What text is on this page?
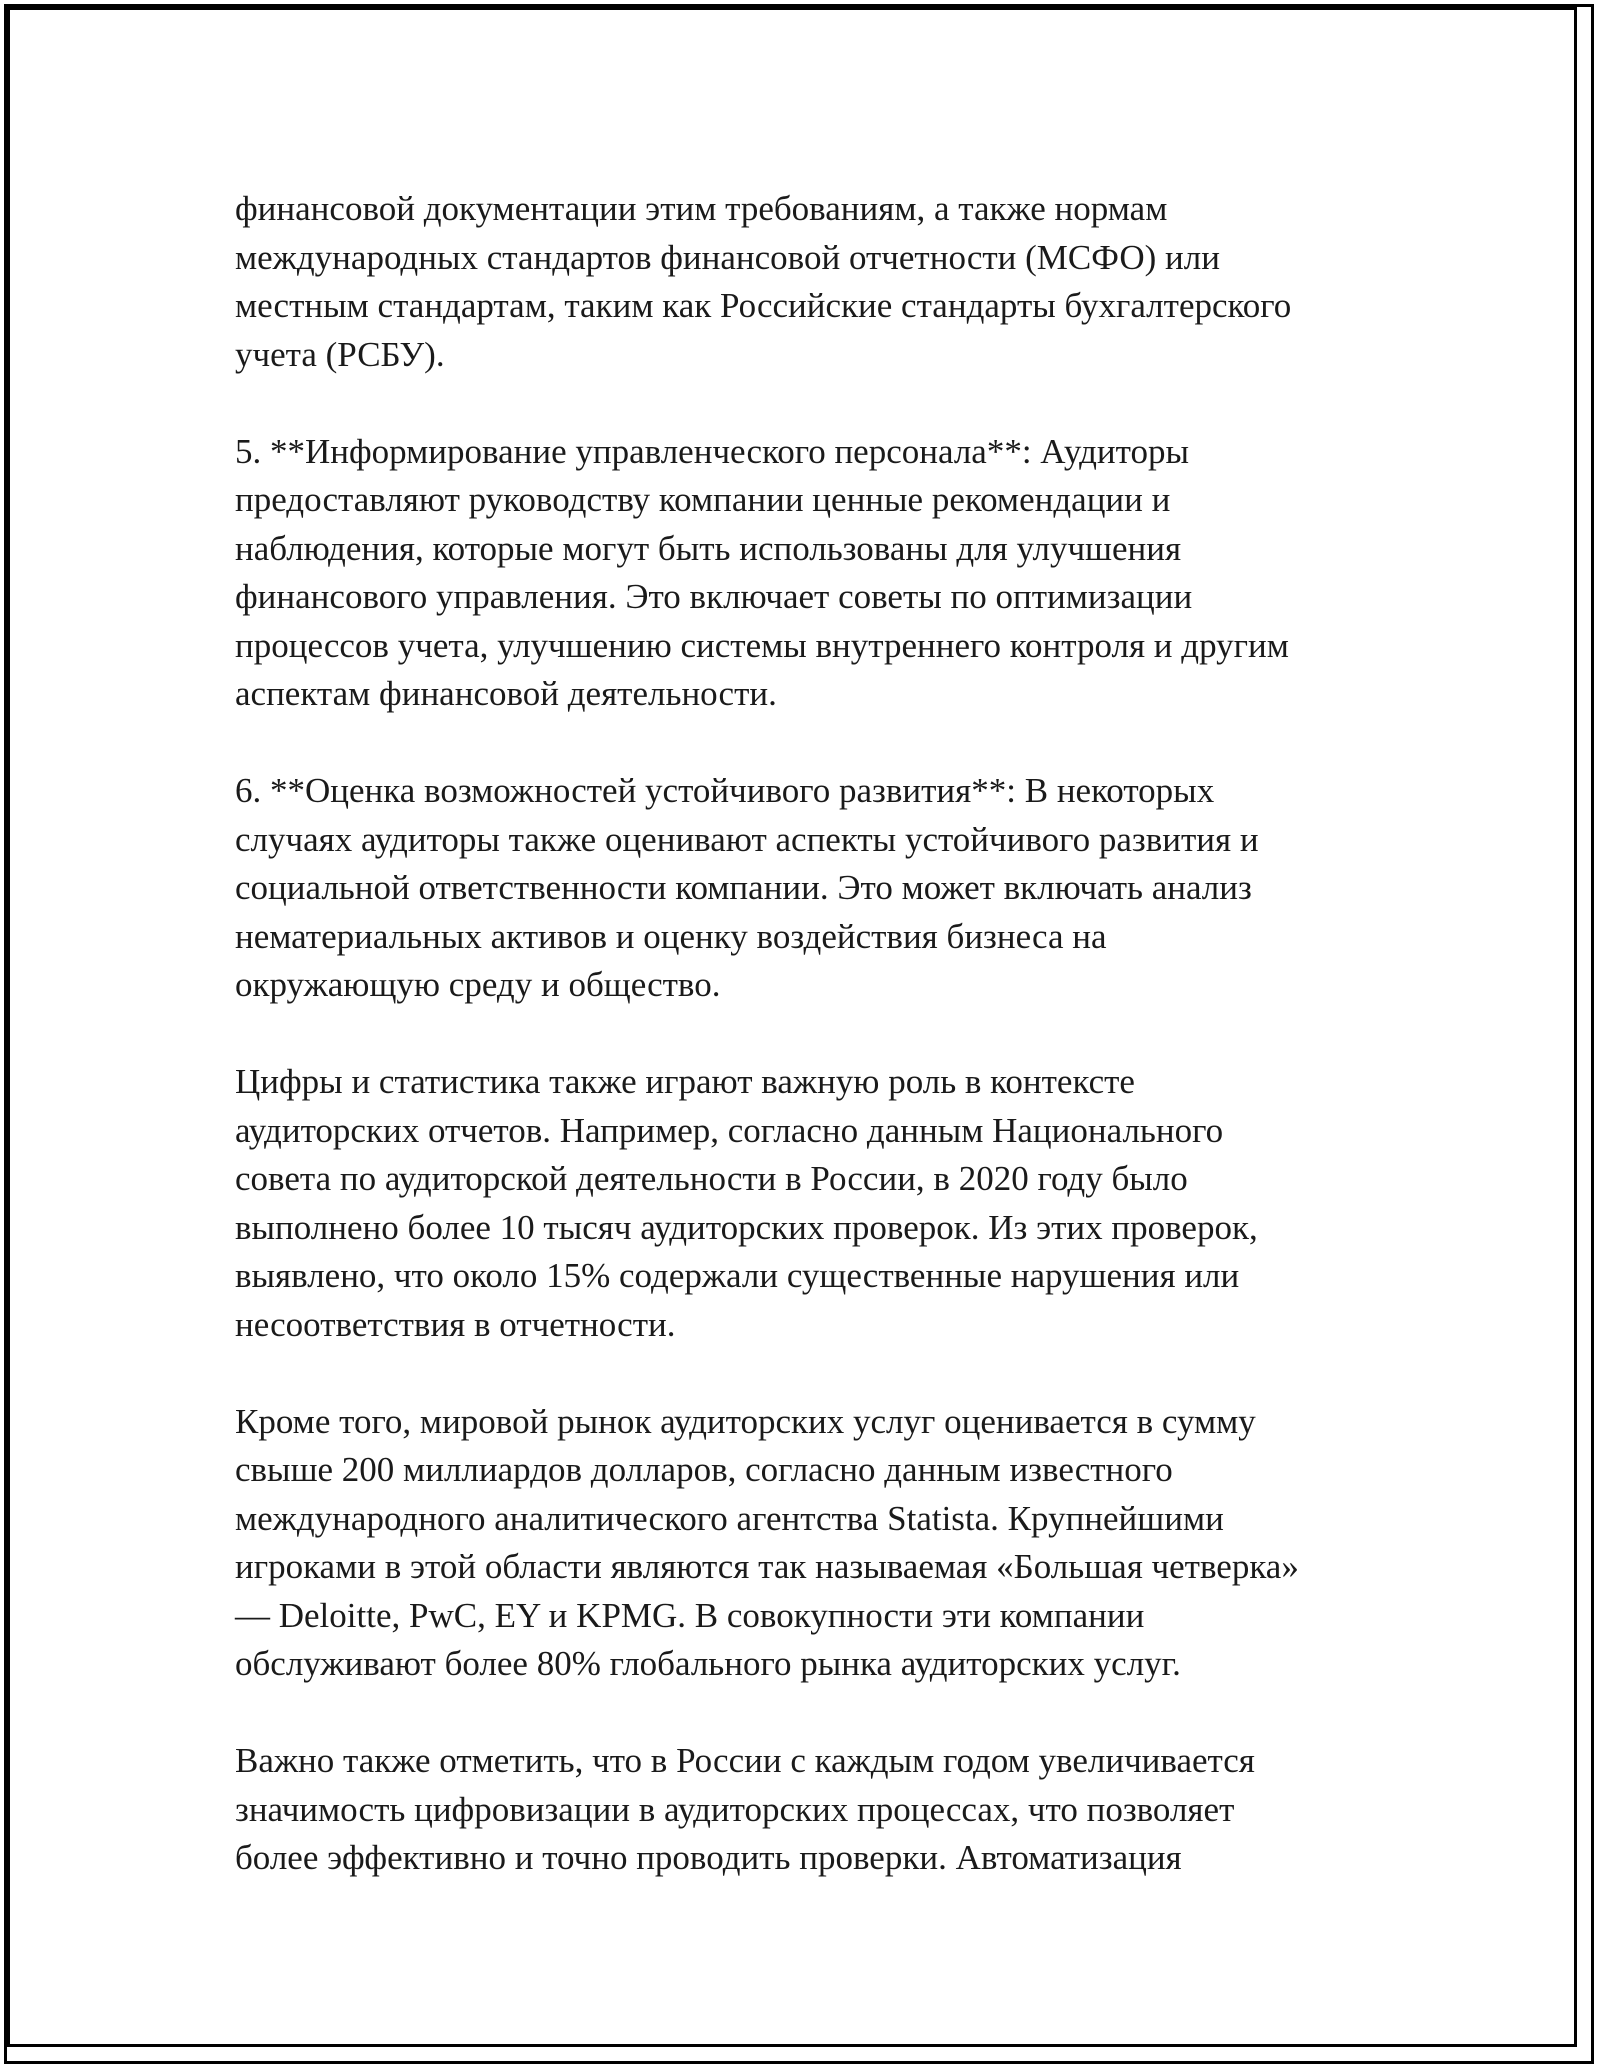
финансовой документации этим требованиям, а также нормам
международных стандартов финансовой отчетности (МСФО) или
местным стандартам, таким как Российские стандарты бухгалтерского
учета (РСБУ).

5. **Информирование управленческого персонала**: Аудиторы
предоставляют руководству компании ценные рекомендации и
наблюдения, которые могут быть использованы для улучшения
финансового управления. Это включает советы по оптимизации
процессов учета, улучшению системы внутреннего контроля и другим
аспектам финансовой деятельности.

6. **Оценка возможностей устойчивого развития**: В некоторых
случаях аудиторы также оценивают аспекты устойчивого развития и
социальной ответственности компании. Это может включать анализ
нематериальных активов и оценку воздействия бизнеса на
окружающую среду и общество.

Цифры и статистика также играют важную роль в контексте
аудиторских отчетов. Например, согласно данным Национального
совета по аудиторской деятельности в России, в 2020 году было
выполнено более 10 тысяч аудиторских проверок. Из этих проверок,
выявлено, что около 15% содержали существенные нарушения или
несоответствия в отчетности.

Кроме того, мировой рынок аудиторских услуг оценивается в сумму
свыше 200 миллиардов долларов, согласно данным известного
международного аналитического агентства Statista. Крупнейшими
игроками в этой области являются так называемая «Большая четверка»
— Deloitte, PwC, EY и KPMG. В совокупности эти компании
обслуживают более 80% глобального рынка аудиторских услуг.

Важно также отметить, что в России с каждым годом увеличивается
значимость цифровизации в аудиторских процессах, что позволяет
более эффективно и точно проводить проверки. Автоматизация
